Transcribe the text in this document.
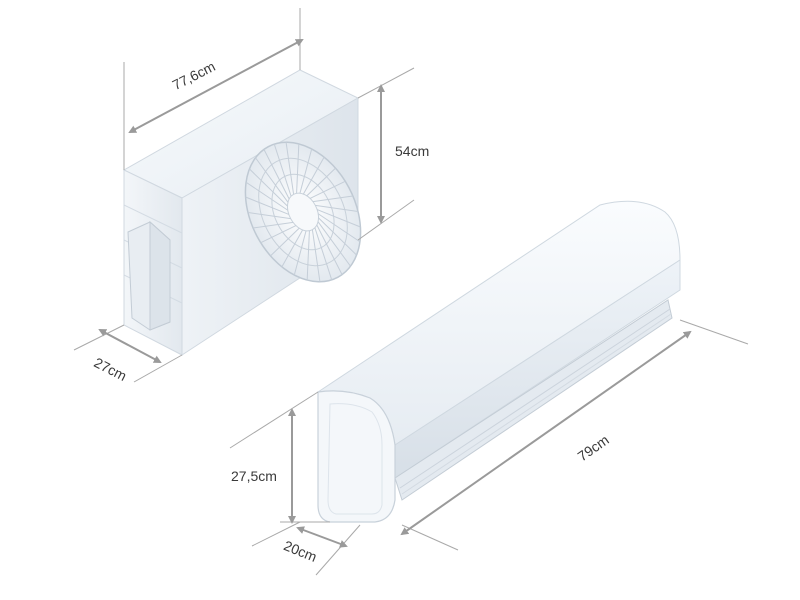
77,6cm
54cm
27cm
27,5cm
20cm
79cm
